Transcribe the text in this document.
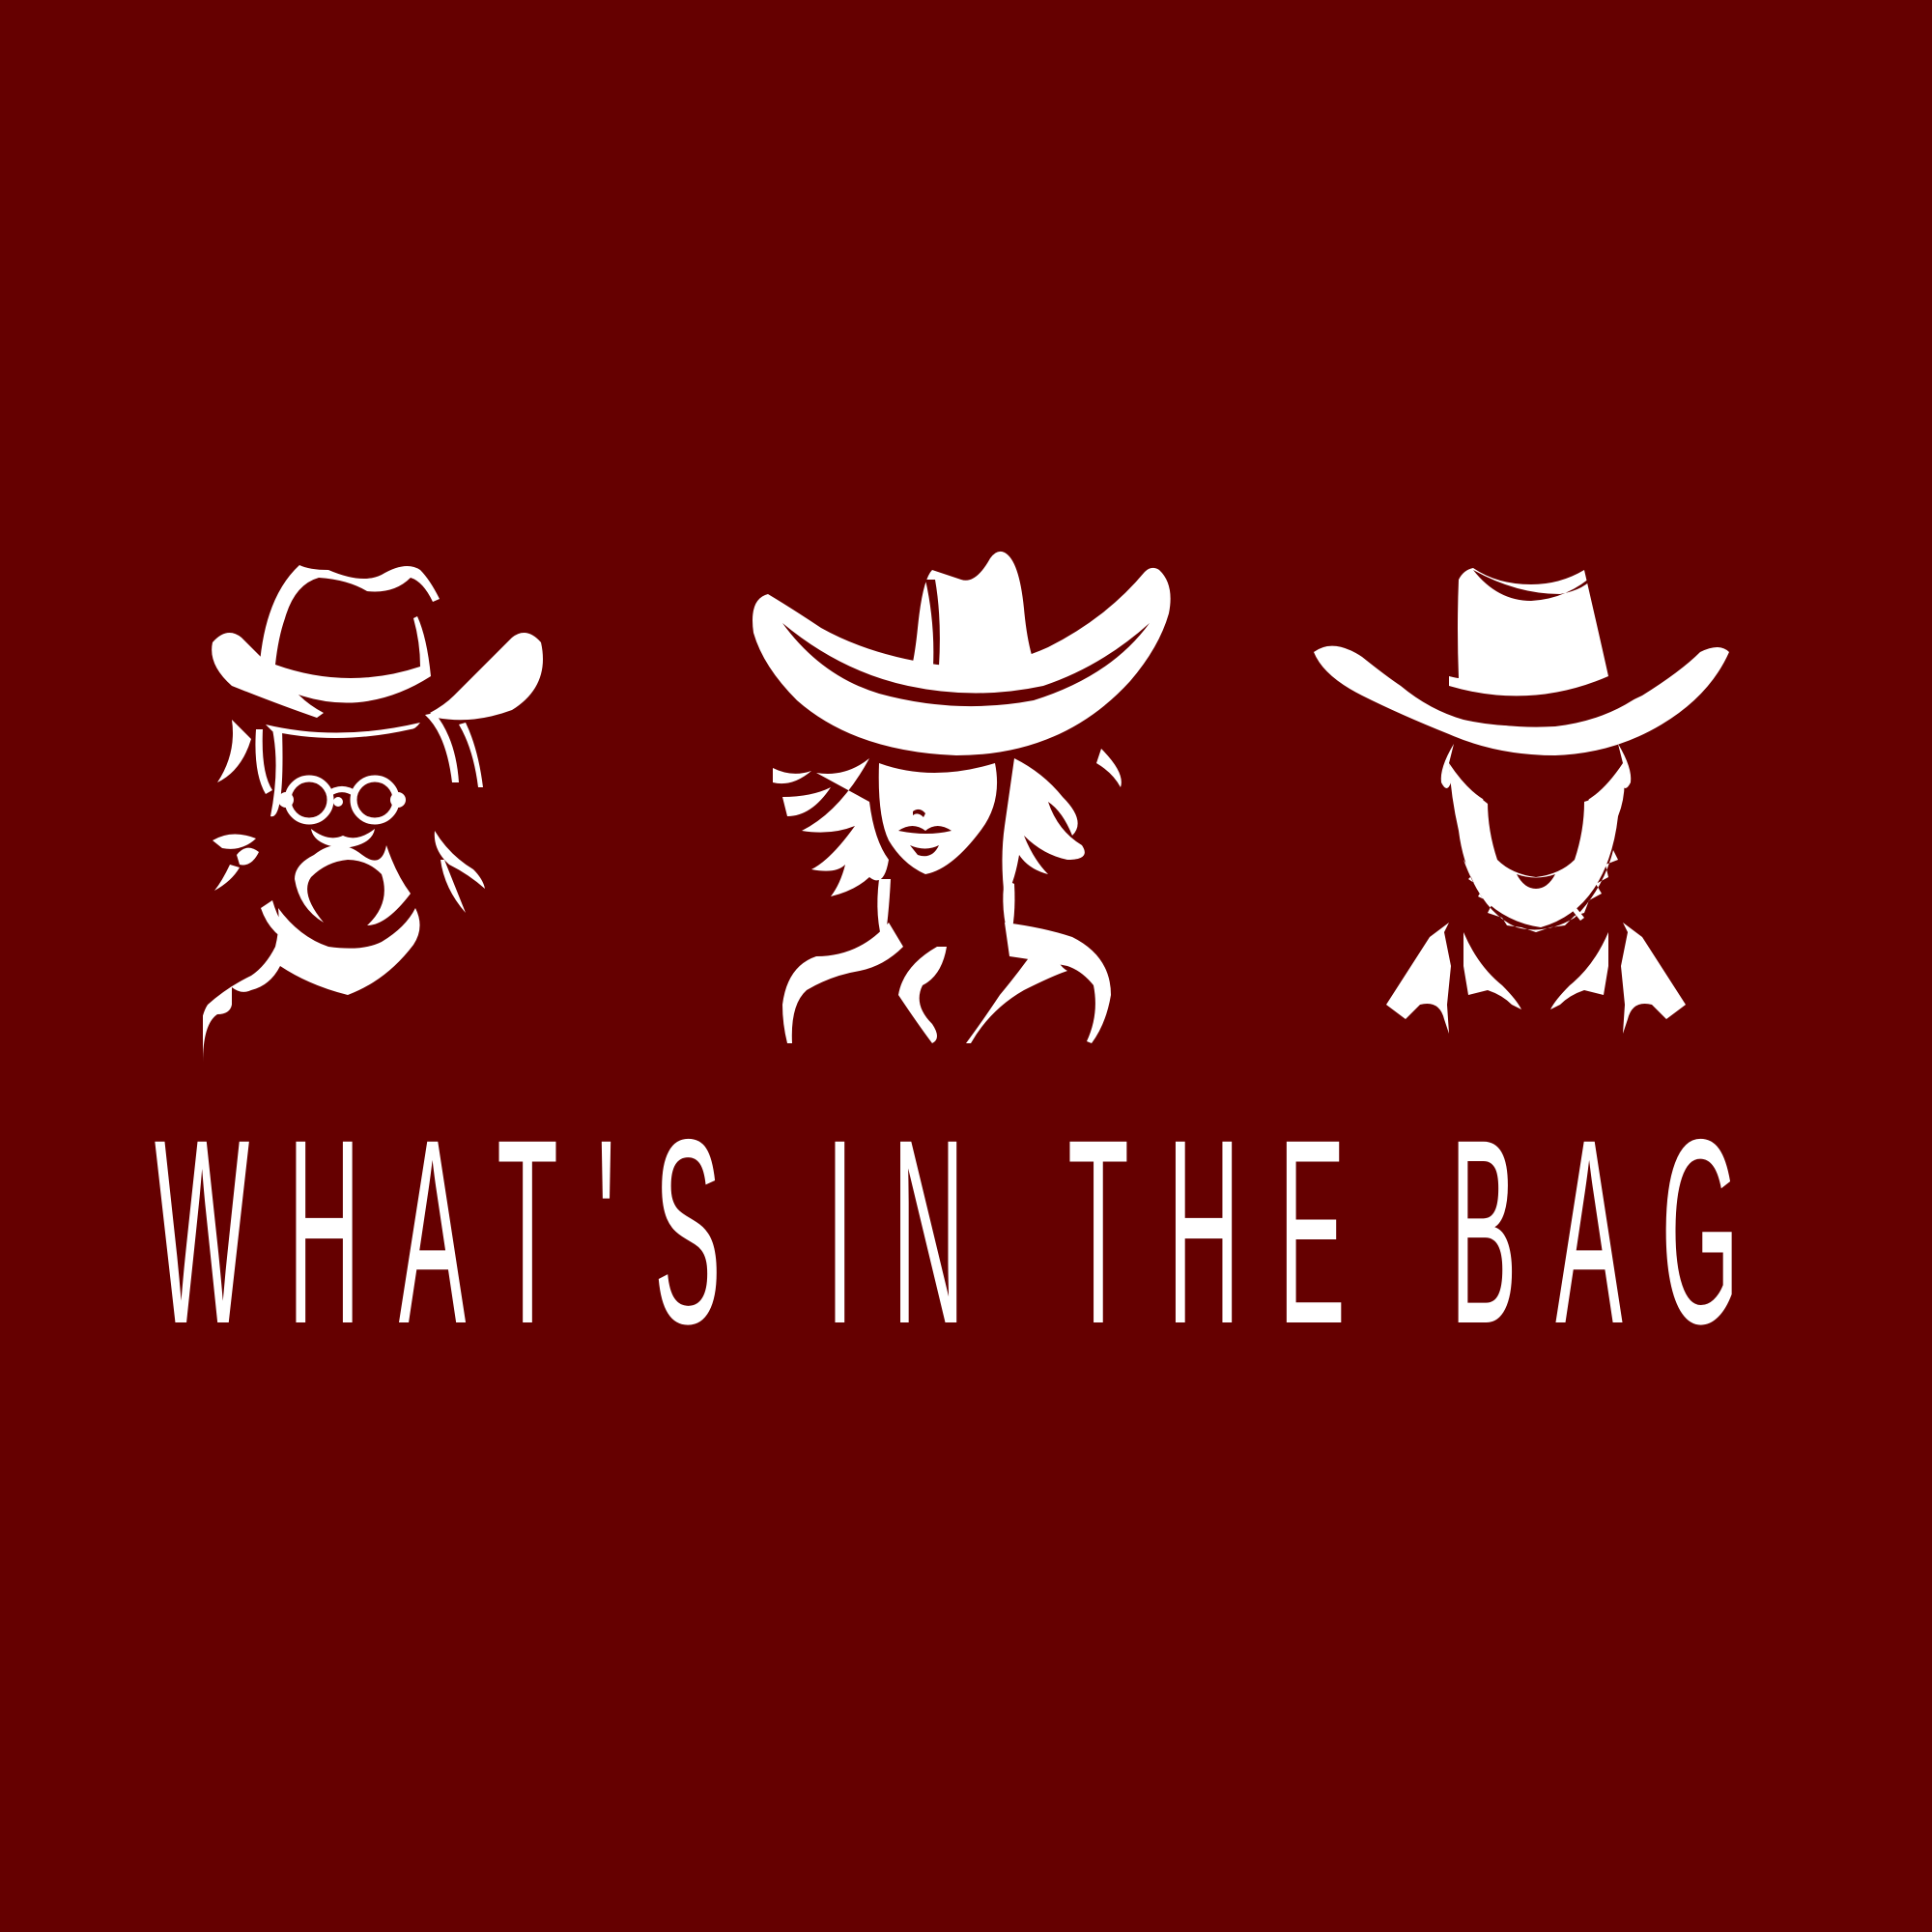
WHAT'S IN THE BAG
